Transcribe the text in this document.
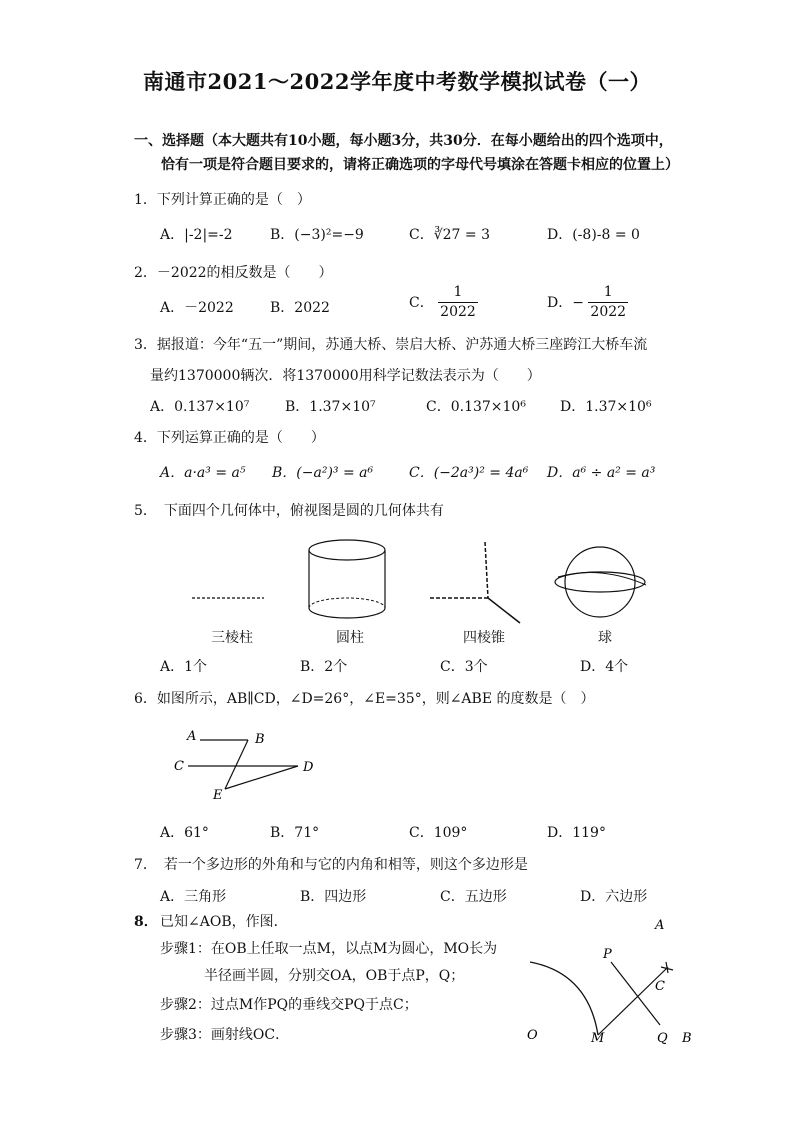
南通市2021～2022学年度中考数学模拟试卷（一）
一、选择题（本大题共有10小题，每小题3分，共30分．在每小题给出的四个选项中，
恰有一项是符合题目要求的，请将正确选项的字母代号填涂在答题卡相应的位置上）
1．下列计算正确的是（　）
A．|-2|=-2	B．(−3)²=−9	C．∛27 = 3	D．(-8)-8 = 0
2．－2022的相反数是（　　）
A．－2022	B．2022	C． $\frac{1}{2022}$	D．− $\frac{1}{2022}$
3．据报道：今年“五一”期间，苏通大桥、崇启大桥、沪苏通大桥三座跨江大桥车流
量约1370000辆次．将1370000用科学记数法表示为（　　）
A．0.137×10⁷	B．1.37×10⁷	C．0.137×10⁶ D．1.37×10⁶
4．下列运算正确的是（　　）
A．a·a³ = a⁵ B．(−a²)³ = a⁶	C．(−2a³)² = 4a⁶ D．a⁶ ÷ a² = a³
5．　下面四个几何体中，俯视图是圆的几何体共有
三棱柱	圆柱	四棱锥	球
A．1个	B．2个	C．3个	D．4个
6．如图所示，AB∥CD，∠D=26°，∠E=35°，则∠ABE 的度数是（　）
A	B
C	D
E
A．61°	B．71°	C．109°	D．119°
7．　若一个多边形的外角和与它的内角和相等，则这个多边形是
A．三角形	B．四边形	C．五边形	D．六边形
8． 已知∠AOB，作图．
步骤1：在OB上任取一点M，以点M为圆心，MO长为
半径画半圆，分别交OA，OB于点P，Q；
步骤2：过点M作PQ的垂线交PQ于点C；
步骤3：画射线OC．
A
P
C
O	M	Q B
